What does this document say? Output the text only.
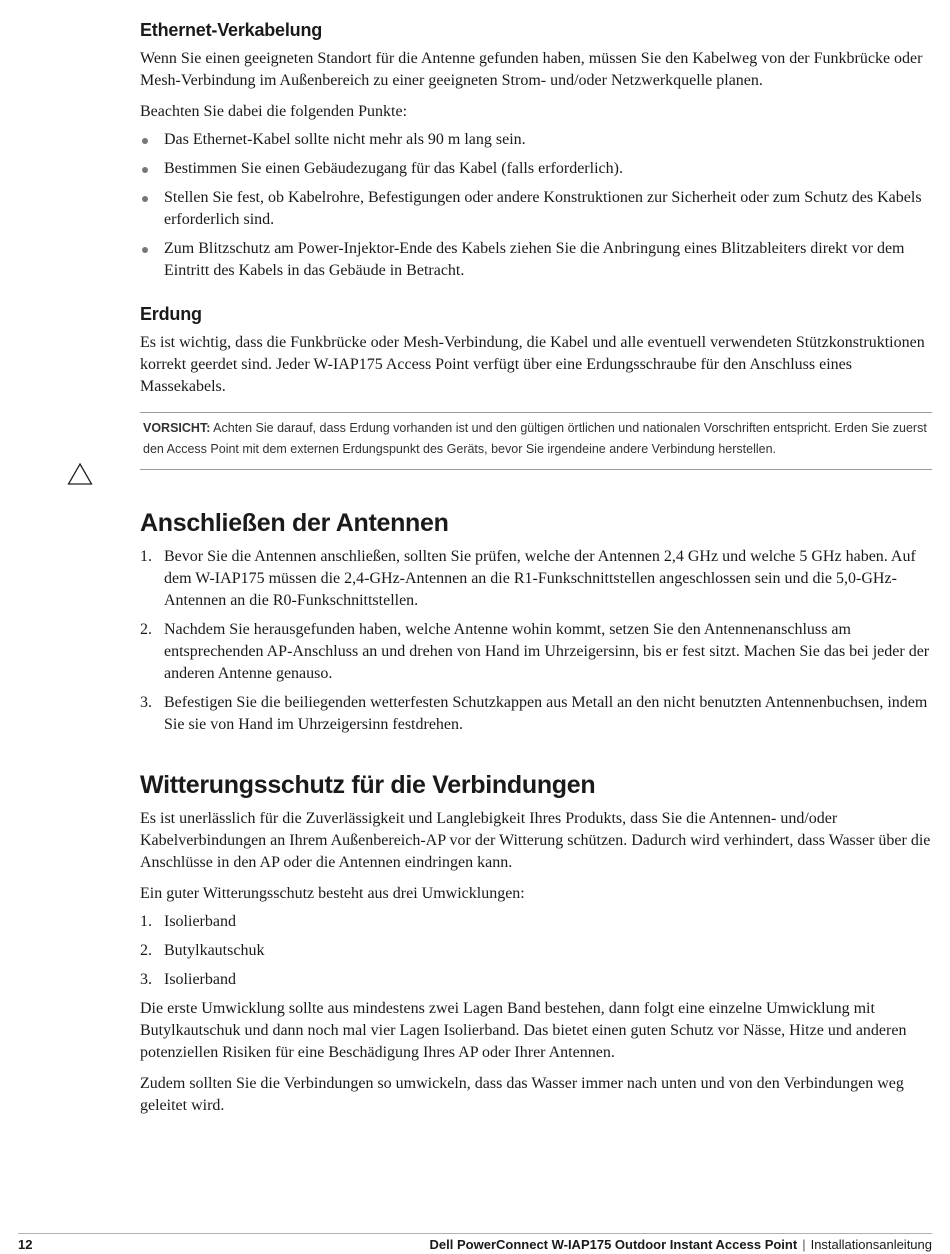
Ethernet-Verkabelung

Wenn Sie einen geeigneten Standort für die Antenne gefunden haben, müssen Sie den Kabelweg von der Funkbrücke oder Mesh-Verbindung im Außenbereich zu einer geeigneten Strom- und/oder Netzwerkquelle planen.

Beachten Sie dabei die folgenden Punkte:

Das Ethernet-Kabel sollte nicht mehr als 90 m lang sein.
Bestimmen Sie einen Gebäudezugang für das Kabel (falls erforderlich).
Stellen Sie fest, ob Kabelrohre, Befestigungen oder andere Konstruktionen zur Sicherheit oder zum Schutz des Kabels erforderlich sind.
Zum Blitzschutz am Power-Injektor-Ende des Kabels ziehen Sie die Anbringung eines Blitzableiters direkt vor dem Eintritt des Kabels in das Gebäude in Betracht.
Erdung

Es ist wichtig, dass die Funkbrücke oder Mesh-Verbindung, die Kabel und alle eventuell verwendeten Stützkonstruktionen korrekt geerdet sind. Jeder W-IAP175 Access Point verfügt über eine Erdungsschraube für den Anschluss eines Massekabels.

VORSICHT: Achten Sie darauf, dass Erdung vorhanden ist und den gültigen örtlichen und nationalen Vorschriften entspricht. Erden Sie zuerst den Access Point mit dem externen Erdungspunkt des Geräts, bevor Sie irgendeine andere Verbindung herstellen.
Anschließen der Antennen
1. Bevor Sie die Antennen anschließen, sollten Sie prüfen, welche der Antennen 2,4 GHz und welche 5 GHz haben. Auf dem W-IAP175 müssen die 2,4-GHz-Antennen an die R1-Funkschnittstellen angeschlossen sein und die 5,0-GHz-Antennen an die R0-Funkschnittstellen.
2. Nachdem Sie herausgefunden haben, welche Antenne wohin kommt, setzen Sie den Antennenanschluss am entsprechenden AP-Anschluss an und drehen von Hand im Uhrzeigersinn, bis er fest sitzt. Machen Sie das bei jeder der anderen Antenne genauso.
3. Befestigen Sie die beiliegenden wetterfesten Schutzkappen aus Metall an den nicht benutzten Antennenbuchsen, indem Sie sie von Hand im Uhrzeigersinn festdrehen.
Witterungsschutz für die Verbindungen

Es ist unerlässlich für die Zuverlässigkeit und Langlebigkeit Ihres Produkts, dass Sie die Antennen- und/oder Kabelverbindungen an Ihrem Außenbereich-AP vor der Witterung schützen. Dadurch wird verhindert, dass Wasser über die Anschlüsse in den AP oder die Antennen eindringen kann.

Ein guter Witterungsschutz besteht aus drei Umwicklungen:

1. Isolierband
2. Butylkautschuk
3. Isolierband

Die erste Umwicklung sollte aus mindestens zwei Lagen Band bestehen, dann folgt eine einzelne Umwicklung mit Butylkautschuk und dann noch mal vier Lagen Isolierband. Das bietet einen guten Schutz vor Nässe, Hitze und anderen potenziellen Risiken für eine Beschädigung Ihres AP oder Ihrer Antennen.

Zudem sollten Sie die Verbindungen so umwickeln, dass das Wasser immer nach unten und von den Verbindungen weg geleitet wird.

12	Dell PowerConnect W-IAP175 Outdoor Instant Access Point | Installationsanleitung
